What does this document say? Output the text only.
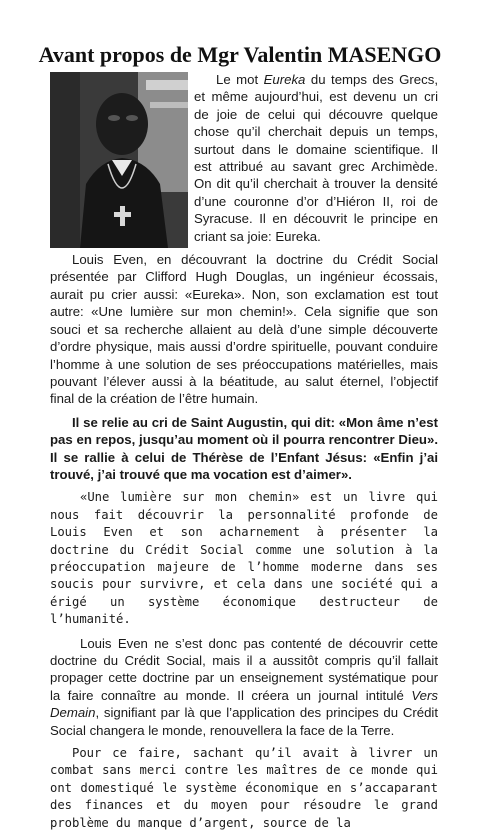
Avant propos de Mgr Valentin MASENGO

Le mot Eureka du temps des Grecs, et même aujourd’hui, est devenu un cri de joie de celui qui découvre quelque chose qu’il cherchait depuis un temps, surtout dans le domaine scientifique. Il est attribué au savant grec Archimède. On dit qu’il cherchait à trouver la densité d’une couronne d’or d’Hiéron II, roi de Syracuse. Il en découvrit le principe en criant sa joie: Eureka.

Louis Even, en découvrant la doctrine du Crédit Social présentée par Clifford Hugh Douglas, un ingénieur écossais, aurait pu crier aussi: «Eureka». Non, son exclamation est tout autre: «Une lumière sur mon chemin!». Cela signifie que son souci et sa recherche allaient au delà d’une simple découverte d’ordre physique, mais aussi d’ordre spirituelle, pouvant conduire l’homme à une solution de ses préoccupations matérielles, mais pouvant l’élever aussi à la béatitude, au salut éternel, l’objectif final de la création de l’être humain.

Il se relie au cri de Saint Augustin, qui dit: «Mon âme n’est pas en repos, jusqu’au moment où il pourra rencontrer Dieu». Il se rallie à celui de Thérèse de l’Enfant Jésus: «Enfin j’ai trouvé, j’ai trouvé que ma vocation est d’aimer».

«Une lumière sur mon chemin» est un livre qui nous fait découvrir la personnalité profonde de Louis Even et son acharnement à présenter la doctrine du Crédit Social comme une solution à la préoccupation majeure de l’homme moderne dans ses soucis pour survivre, et cela dans une société qui a érigé un système économique destructeur de l’humanité.

Louis Even ne s’est donc pas contenté de découvrir cette doctrine du Crédit Social, mais il a aussitôt compris qu’il fallait propager cette doctrine par un enseignement systématique pour la faire connaître au monde. Il créera un journal intitulé Vers Demain, signifiant par là que l’application des principes du Crédit Social changera le monde, renouvellera la face de la Terre.

Pour ce faire, sachant qu’il avait à livrer un combat sans merci contre les maîtres de ce monde qui ont domestiqué le système économique en s’accaparant des finances et du moyen pour résoudre le grand problème du manque d’argent, source de la
